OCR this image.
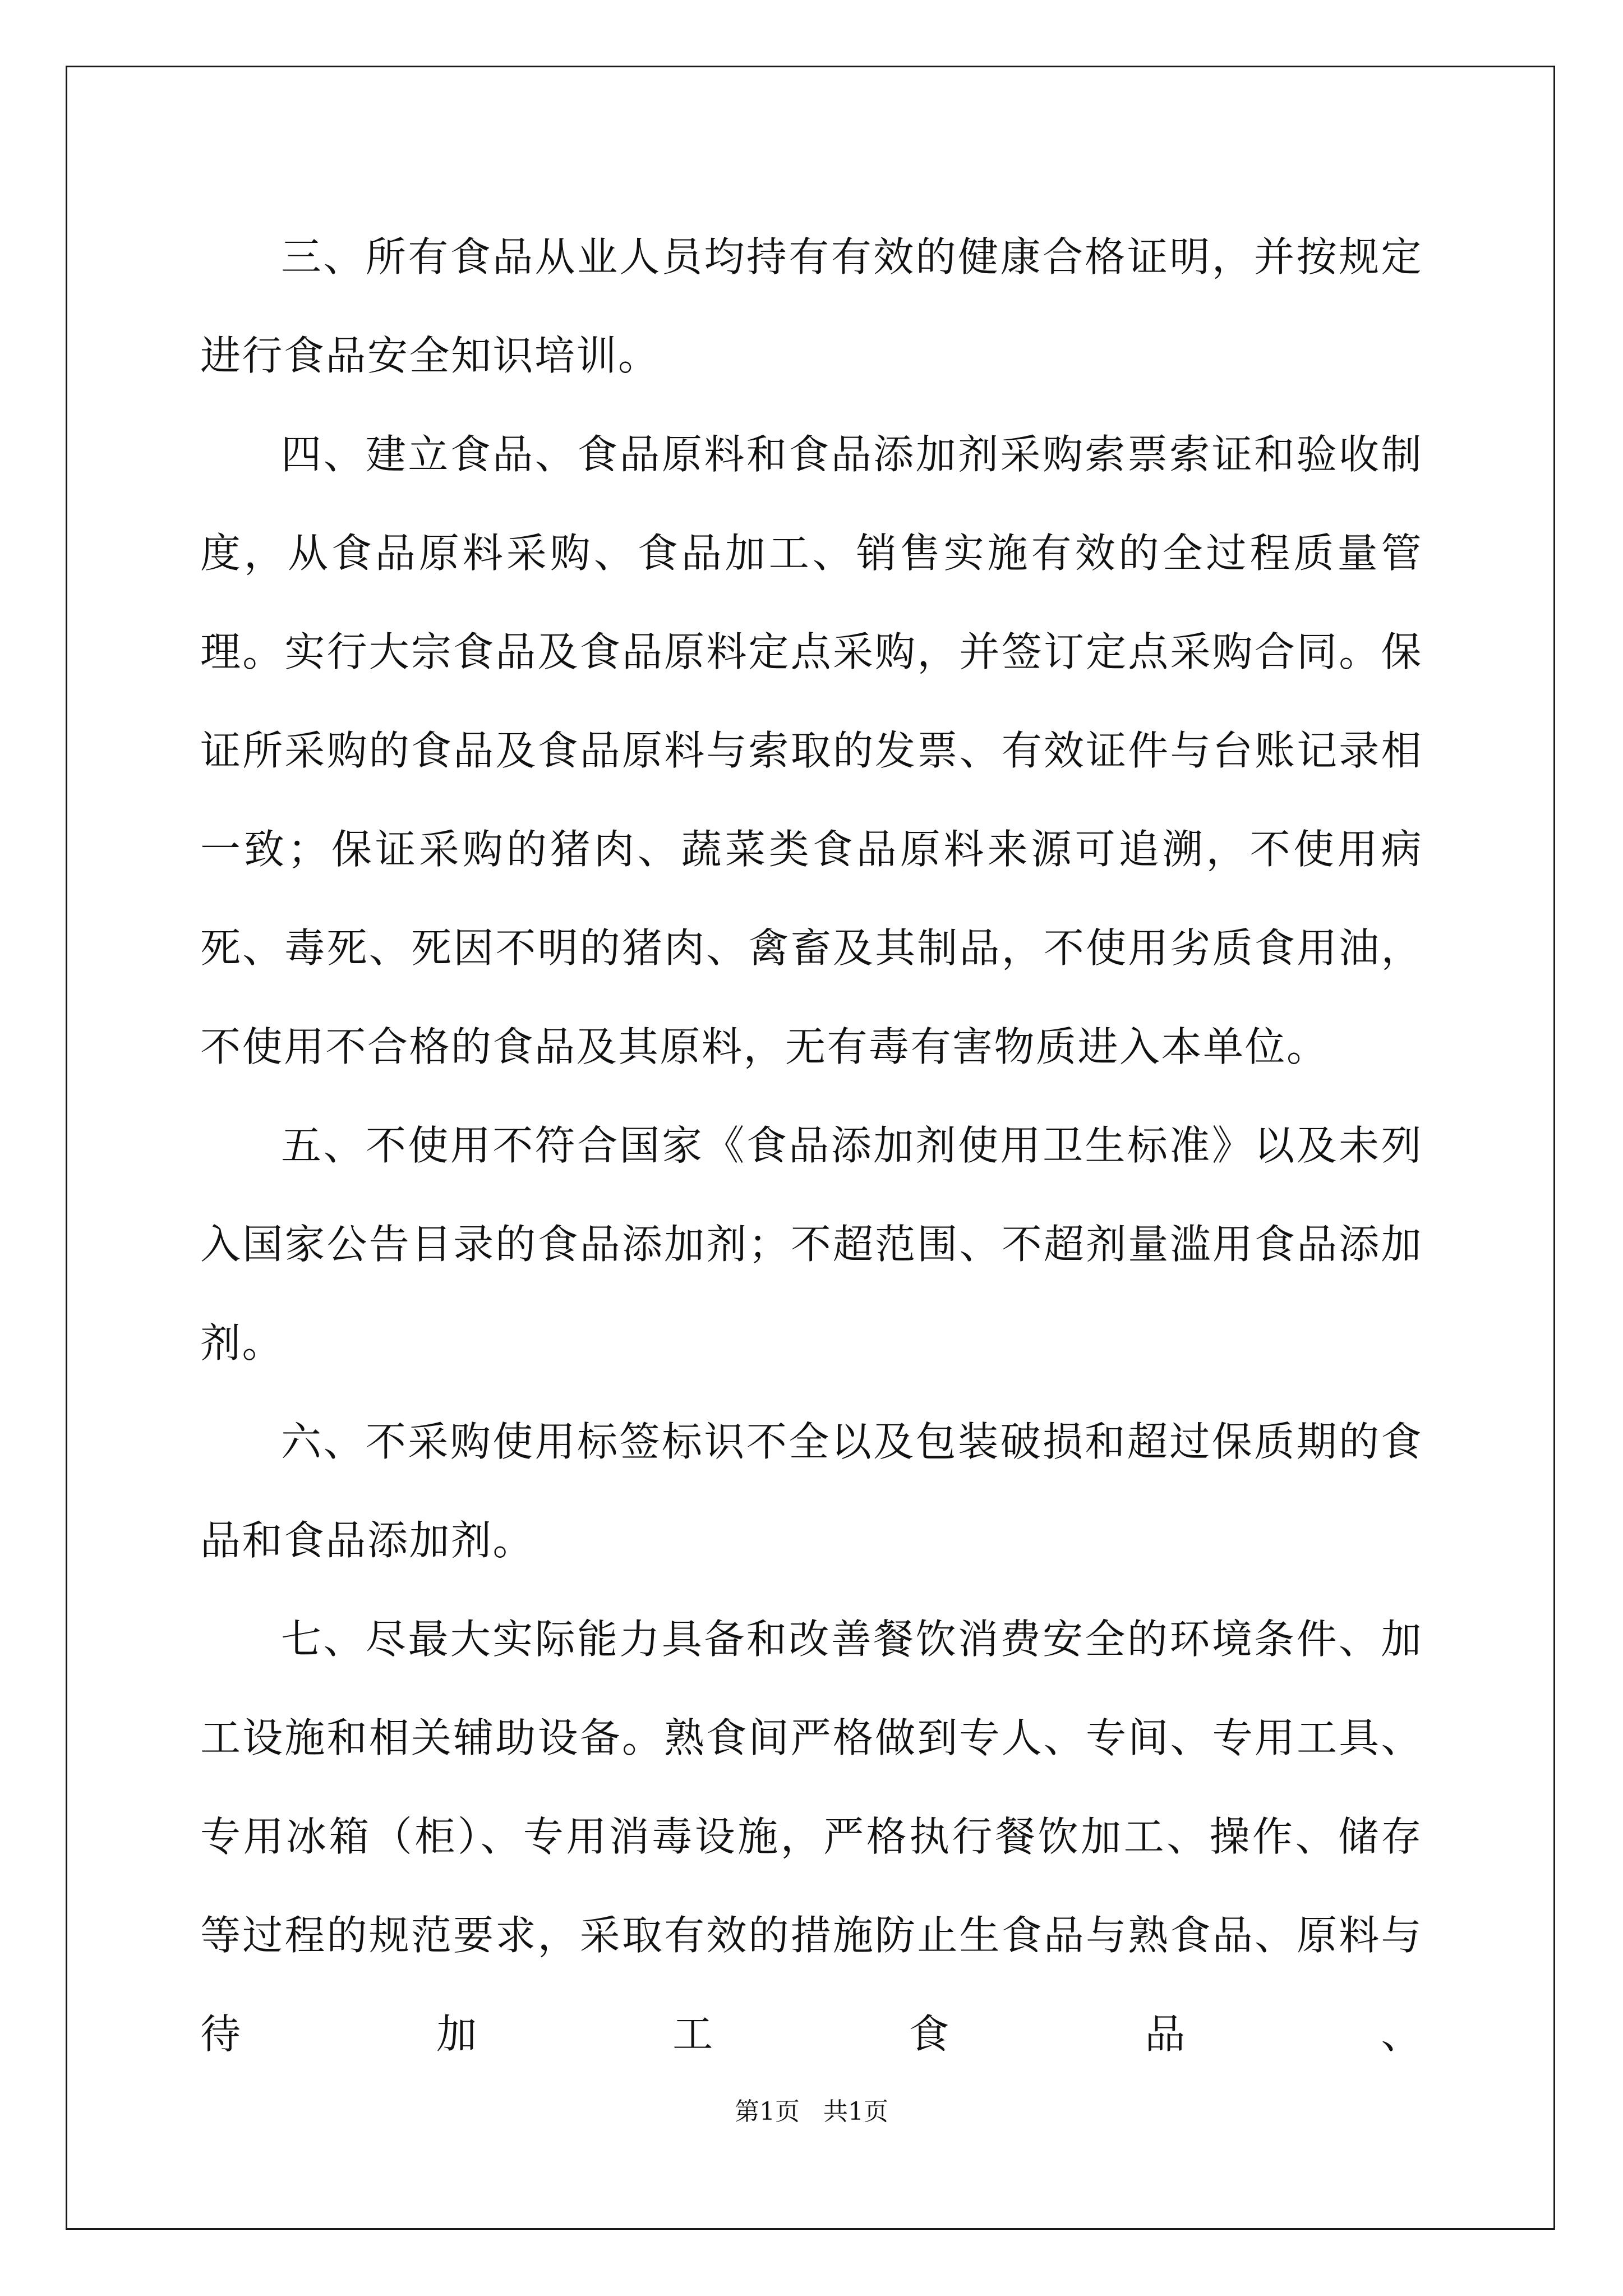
三、所有食品从业人员均持有有效的健康合格证明，并按规定进行食品安全知识培训。

四、建立食品、食品原料和食品添加剂采购索票索证和验收制度，从食品原料采购、食品加工、销售实施有效的全过程质量管理。实行大宗食品及食品原料定点采购，并签订定点采购合同。保证所采购的食品及食品原料与索取的发票、有效证件与台账记录相一致；保证采购的猪肉、蔬菜类食品原料来源可追溯，不使用病死、毒死、死因不明的猪肉、禽畜及其制品，不使用劣质食用油，不使用不合格的食品及其原料，无有毒有害物质进入本单位。

五、不使用不符合国家《食品添加剂使用卫生标准》以及未列入国家公告目录的食品添加剂；不超范围、不超剂量滥用食品添加剂。

六、不采购使用标签标识不全以及包装破损和超过保质期的食品和食品添加剂。

七、尽最大实际能力具备和改善餐饮消费安全的环境条件、加工设施和相关辅助设备。熟食间严格做到专人、专间、专用工具、专用冰箱（柜）、专用消毒设施，严格执行餐饮加工、操作、储存等过程的规范要求，采取有效的措施防止生食品与熟食品、原料与待加工食品、

第1页   共1页
